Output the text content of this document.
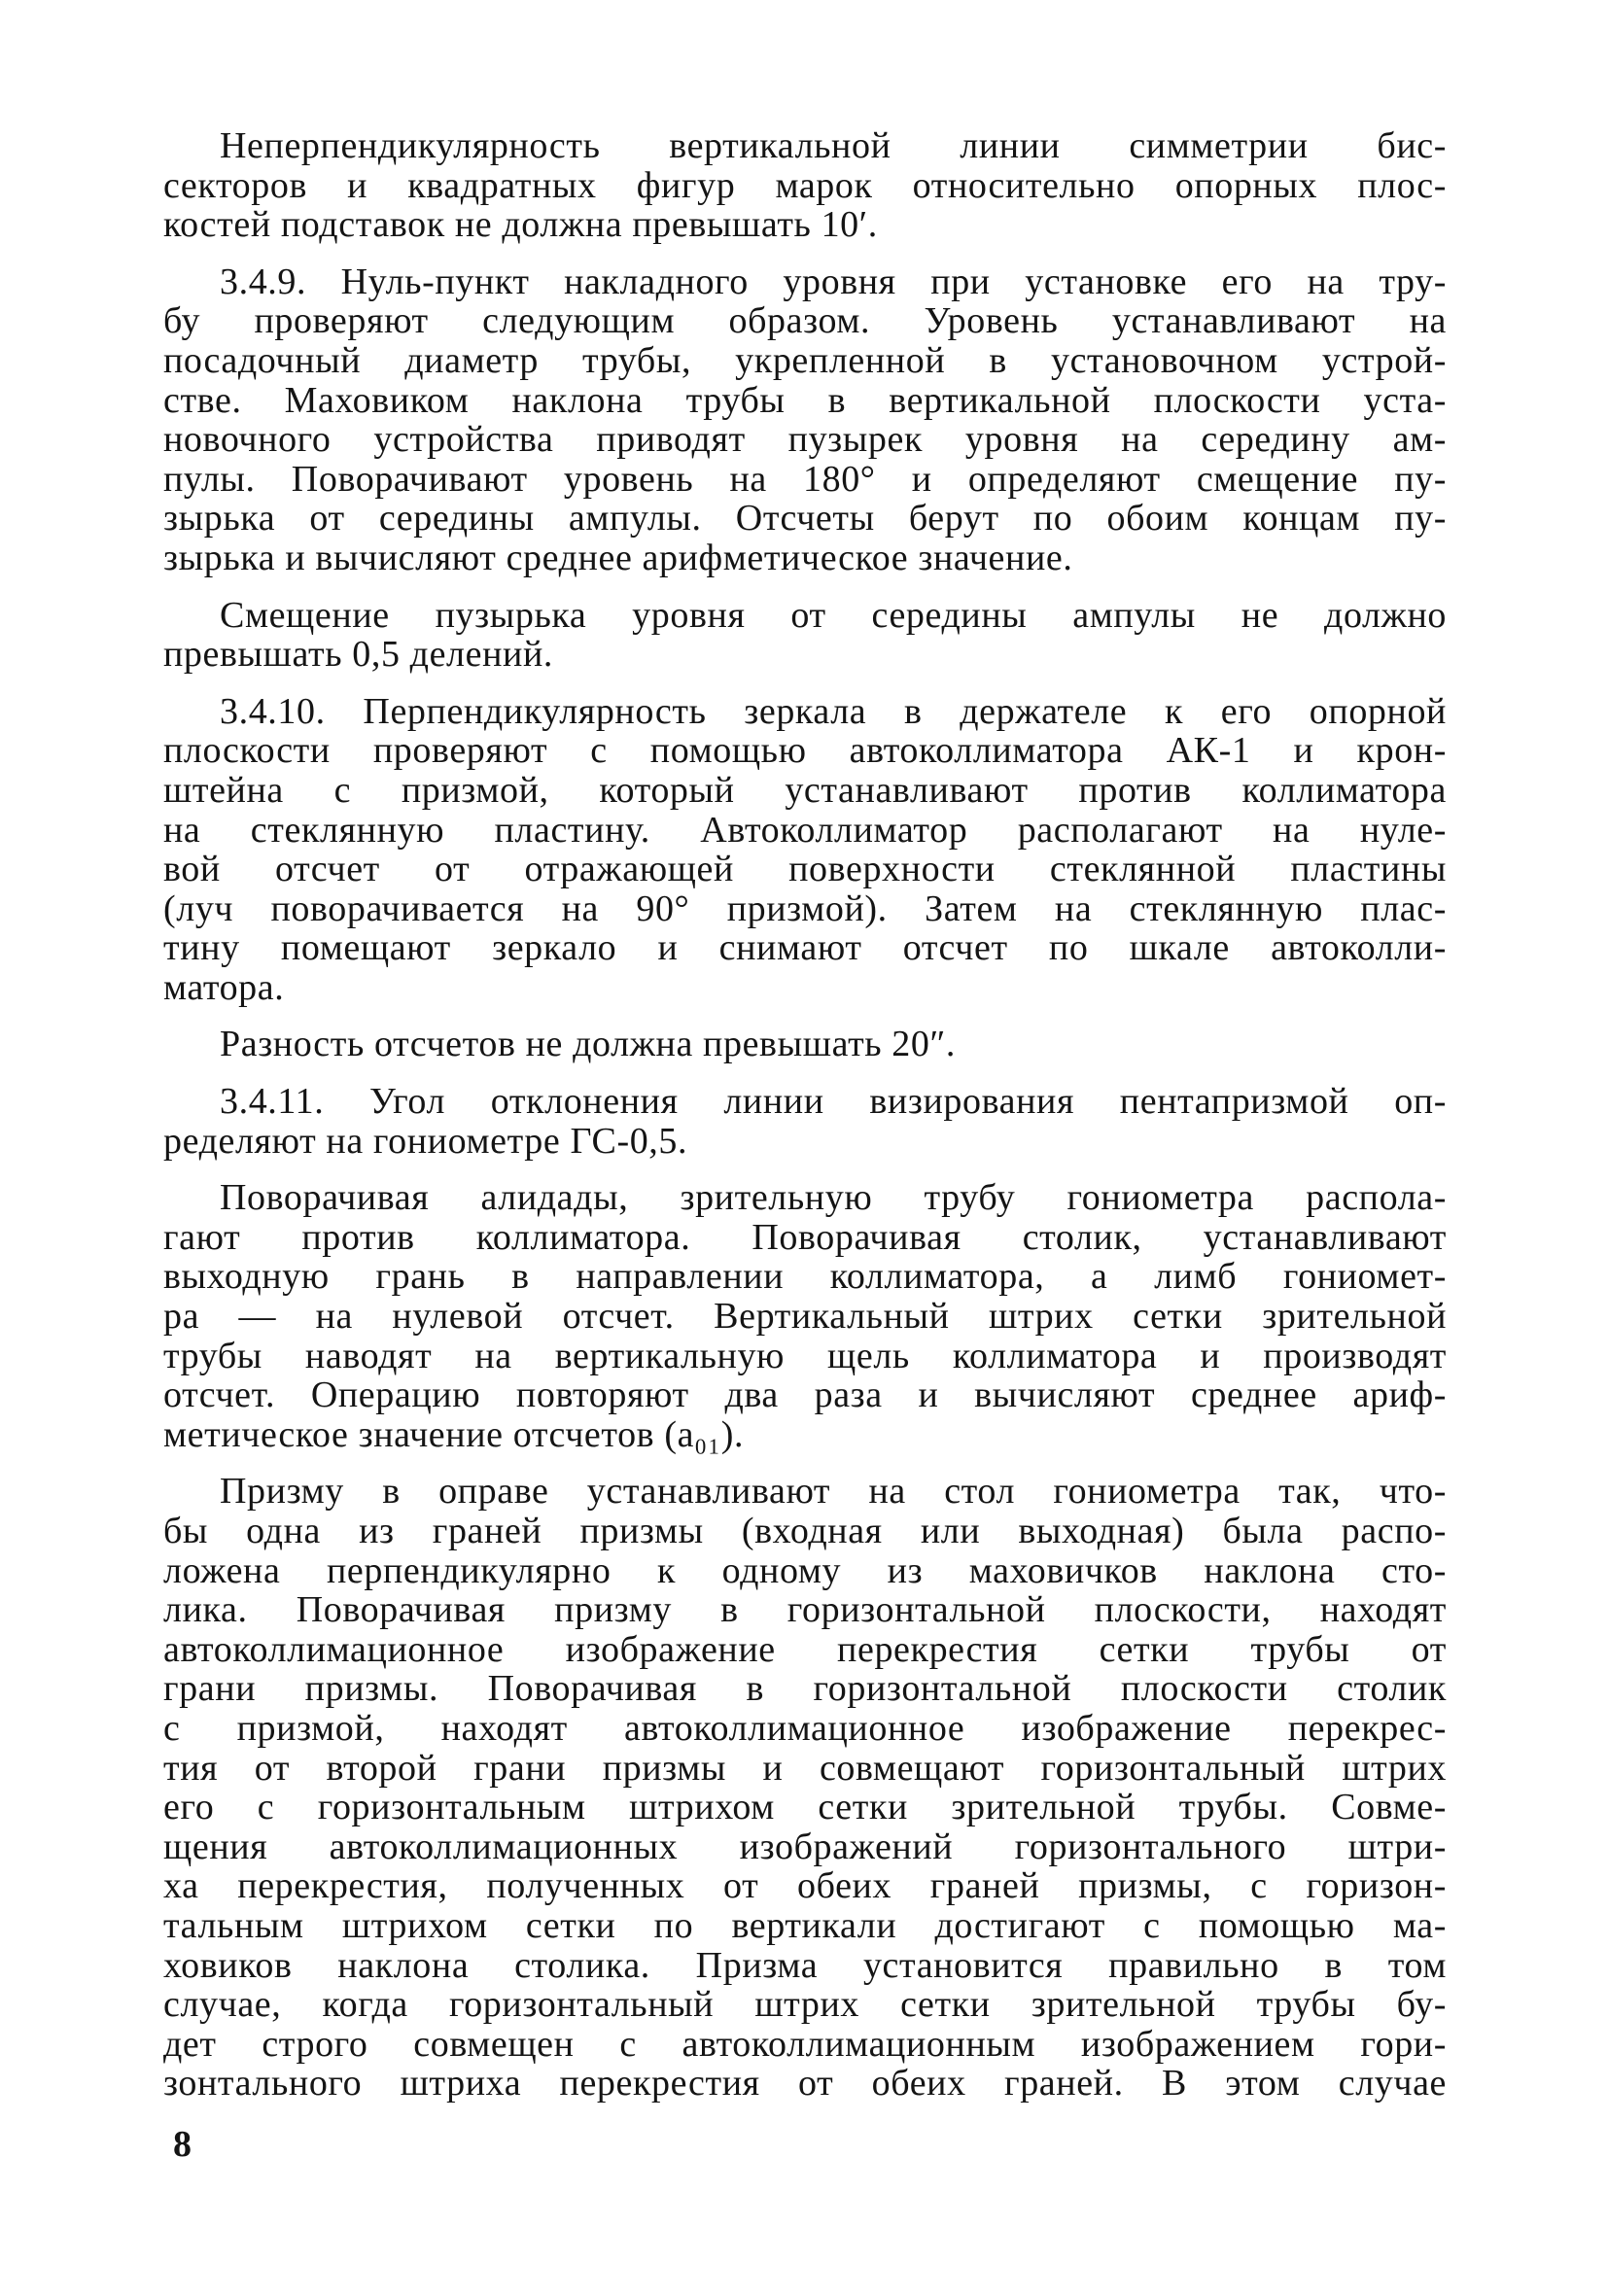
Неперпендикулярность вертикальной линии симметрии бис-
секторов и квадратных фигур марок относительно опорных плос-
костей подставок не должна превышать 10′.

3.4.9. Нуль-пункт накладного уровня при установке его на тру-
бу проверяют следующим образом. Уровень устанавливают на
посадочный диаметр трубы, укрепленной в установочном устрой-
стве. Маховиком наклона трубы в вертикальной плоскости уста-
новочного устройства приводят пузырек уровня на середину ам-
пулы. Поворачивают уровень на 180° и определяют смещение пу-
зырька от середины ампулы. Отсчеты берут по обоим концам пу-
зырька и вычисляют среднее арифметическое значение.

Смещение пузырька уровня от середины ампулы не должно
превышать 0,5 делений.

3.4.10. Перпендикулярность зеркала в держателе к его опорной
плоскости проверяют с помощью автоколлиматора АК-1 и крон-
штейна с призмой, который устанавливают против коллиматора
на стеклянную пластину. Автоколлиматор располагают на нуле-
вой отсчет от отражающей поверхности стеклянной пластины
(луч поворачивается на 90° призмой). Затем на стеклянную плас-
тину помещают зеркало и снимают отсчет по шкале автоколли-
матора.

Разность отсчетов не должна превышать 20″.

3.4.11. Угол отклонения линии визирования пентапризмой оп-
ределяют на гониометре ГС-0,5.

Поворачивая алидады, зрительную трубу гониометра распола-
гают против коллиматора. Поворачивая столик, устанавливают
выходную грань в направлении коллиматора, а лимб гониомет-
ра — на нулевой отсчет. Вертикальный штрих сетки зрительной
трубы наводят на вертикальную щель коллиматора и производят
отсчет. Операцию повторяют два раза и вычисляют среднее ариф-
метическое значение отсчетов (a₀₁).

Призму в оправе устанавливают на стол гониометра так, что-
бы одна из граней призмы (входная или выходная) была распо-
ложена перпендикулярно к одному из маховичков наклона сто-
лика. Поворачивая призму в горизонтальной плоскости, находят
автоколлимационное изображение перекрестия сетки трубы от
грани призмы. Поворачивая в горизонтальной плоскости столик
с призмой, находят автоколлимационное изображение перекрес-
тия от второй грани призмы и совмещают горизонтальный штрих
его с горизонтальным штрихом сетки зрительной трубы. Совме-
щения автоколлимационных изображений горизонтального штри-
ха перекрестия, полученных от обеих граней призмы, с горизон-
тальным штрихом сетки по вертикали достигают с помощью ма-
ховиков наклона столика. Призма установится правильно в том
случае, когда горизонтальный штрих сетки зрительной трубы бу-
дет строго совмещен с автоколлимационным изображением гори-
зонтального штриха перекрестия от обеих граней. В этом случае

8
